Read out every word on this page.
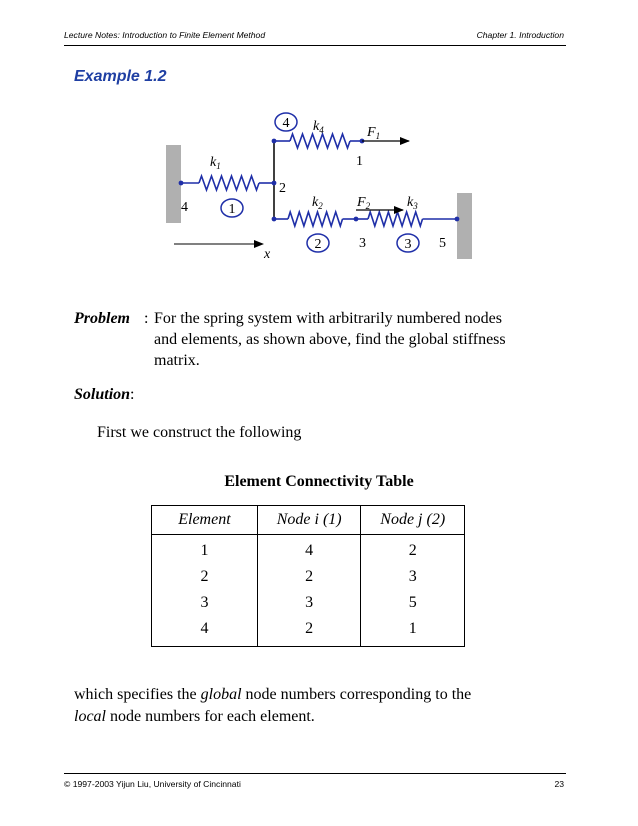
Lecture Notes: Introduction to Finite Element Method	Chapter 1. Introduction
Example 1.2
4
1
2	3
1
2
3
4
5
$k_4$
$k_1$
$k_2$	$k_3$
$F_1$
$F_2$
x
Problem : For the spring system with arbitrarily numbered nodes
and elements, as shown above, find the global stiffness
matrix.
Solution:
First we construct the following
Element Connectivity Table
Element	Node i (1)	Node j (2)
1	4	2
2	2	3
3	3	5
4	2	1
which specifies the global node numbers corresponding to the
local node numbers for each element.
© 1997-2003 Yijun Liu, University of Cincinnati	23
